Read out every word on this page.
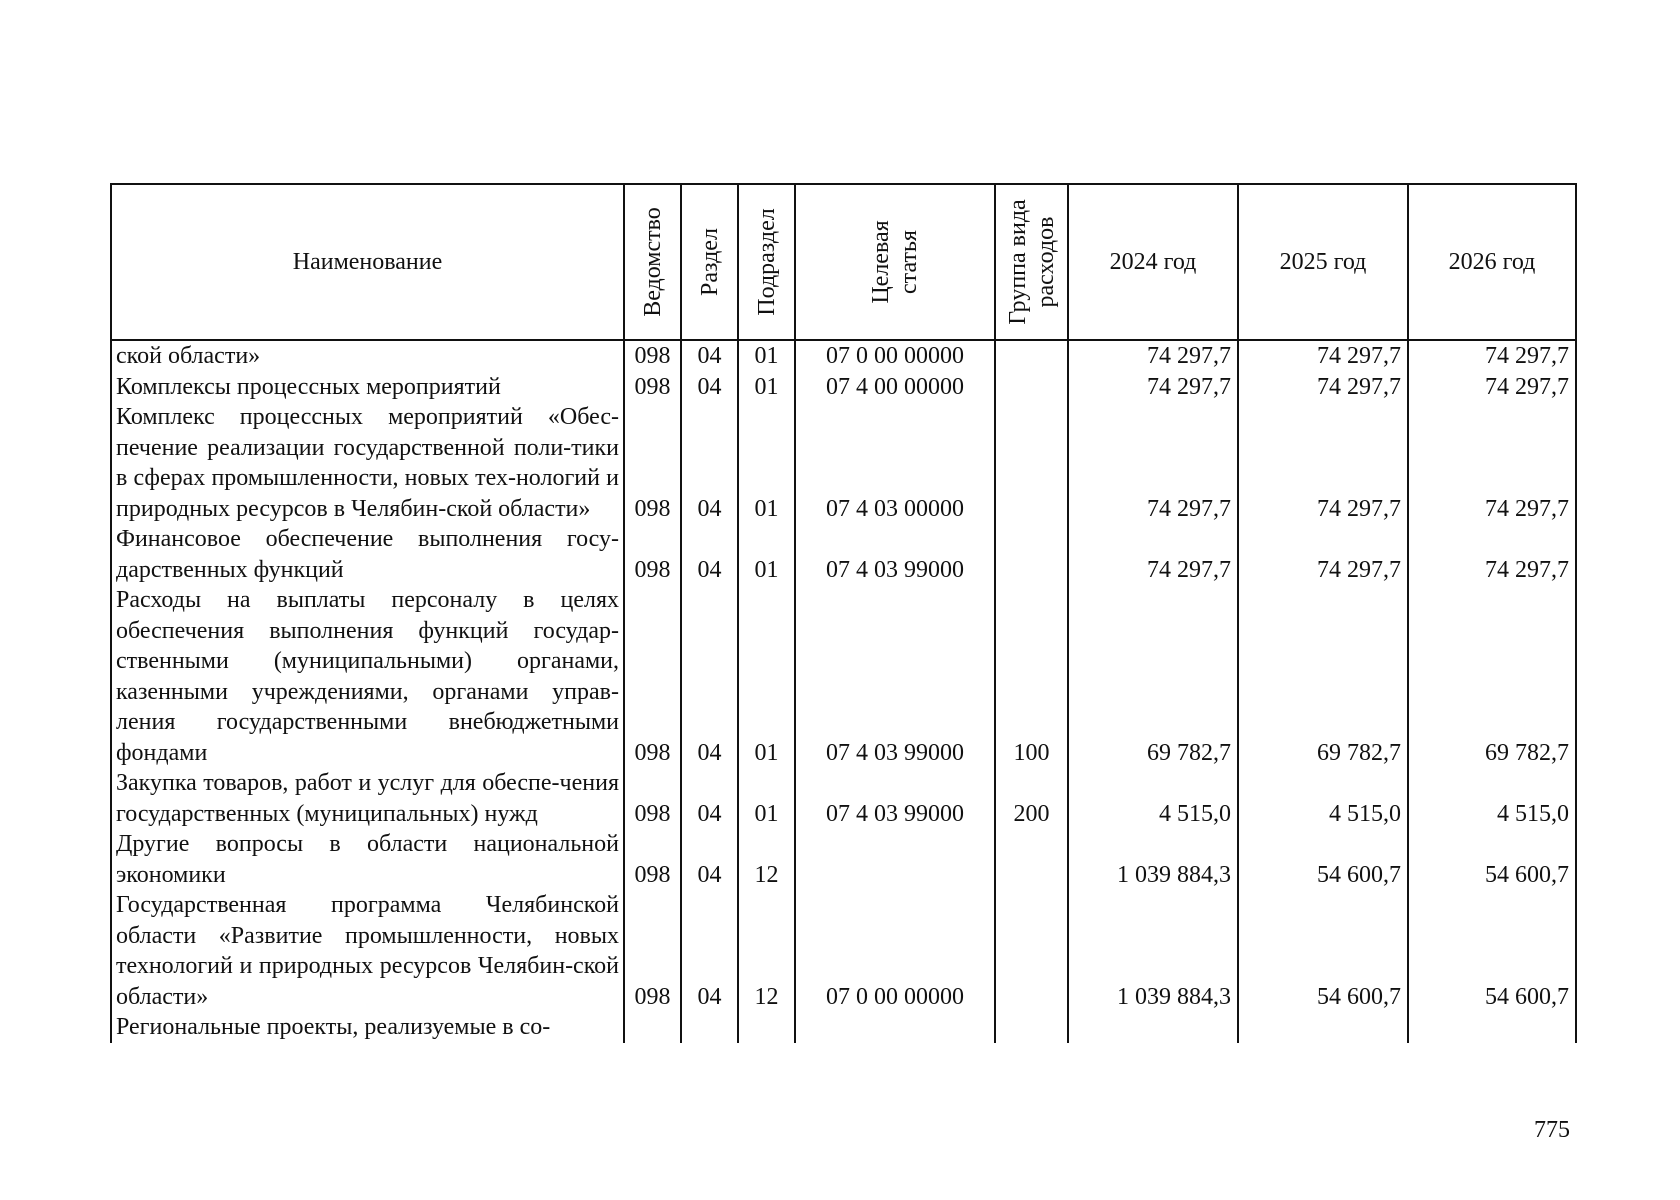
Наименование	Ведомство	Раздел	Подраздел	Целевая статья	Группа вида расходов	2024 год	2025 год	2026 год
ской области»	098	04	01	07 0 00 00000		74 297,7	74 297,7	74 297,7
Комплексы процессных мероприятий	098	04	01	07 4 00 00000		74 297,7	74 297,7	74 297,7
Комплекс процессных мероприятий «Обес-печение реализации государственной поли-тики в сферах промышленности, новых тех-нологий и природных ресурсов в Челябин-ской области»	098	04	01	07 4 03 00000		74 297,7	74 297,7	74 297,7
Финансовое обеспечение выполнения госу-дарственных функций	098	04	01	07 4 03 99000		74 297,7	74 297,7	74 297,7
Расходы на выплаты персоналу в целях обеспечения выполнения функций государ-ственными (муниципальными) органами, казенными учреждениями, органами управ-ления государственными внебюджетными фондами	098	04	01	07 4 03 99000	100	69 782,7	69 782,7	69 782,7
Закупка товаров, работ и услуг для обеспе-чения государственных (муниципальных) нужд	098	04	01	07 4 03 99000	200	4 515,0	4 515,0	4 515,0
Другие вопросы в области национальной экономики	098	04	12			1 039 884,3	54 600,7	54 600,7
Государственная программа Челябинской области «Развитие промышленности, новых технологий и природных ресурсов Челябин-ской области»	098	04	12	07 0 00 00000		1 039 884,3	54 600,7	54 600,7
Региональные проекты, реализуемые в со-								
775
